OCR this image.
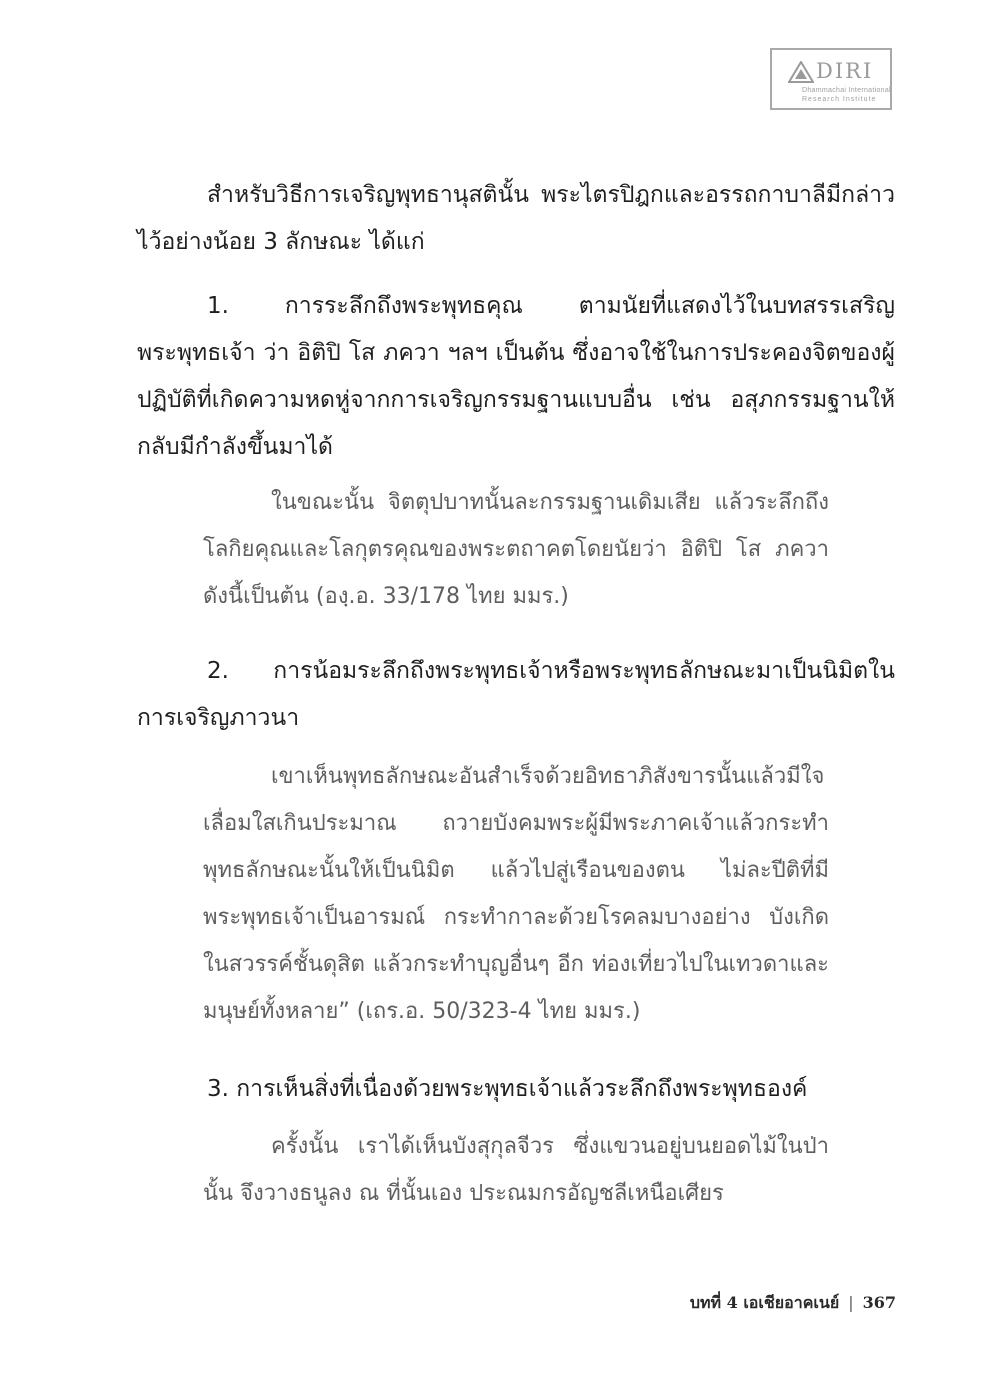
DIRI
Dhammachai International
Research Institute

สำหรับวิธีการเจริญพุทธานุสตินั้น พระไตรปิฎกและอรรถกาบาลีมีกล่าวไว้อย่างน้อย 3 ลักษณะ ได้แก่

1. การระลึกถึงพระพุทธคุณ ตามนัยที่แสดงไว้ในบทสรรเสริญพระพุทธเจ้า ว่า อิติปิ โส ภควา ฯลฯ เป็นต้น ซึ่งอาจใช้ในการประคองจิตของผู้ปฏิบัติที่เกิดความหดหู่จากการเจริญกรรมฐานแบบอื่น เช่น อสุภกรรมฐานให้กลับมีกำลังขึ้นมาได้

ในขณะนั้น จิตตุปบาทนั้นละกรรมฐานเดิมเสีย แล้วระลึกถึงโลกิยคุณและโลกุตรคุณของพระตถาคตโดยนัยว่า อิติปิ โส ภควา ดังนี้เป็นต้น (องฺ.อ. 33/178 ไทย มมร.)

2. การน้อมระลึกถึงพระพุทธเจ้าหรือพระพุทธลักษณะมาเป็นนิมิตในการเจริญภาวนา

เขาเห็นพุทธลักษณะอันสำเร็จด้วยอิทธาภิสังขารนั้นแล้วมีใจเลื่อมใสเกินประมาณ ถวายบังคมพระผู้มีพระภาคเจ้าแล้วกระทำพุทธลักษณะนั้นให้เป็นนิมิต แล้วไปสู่เรือนของตน ไม่ละปีติที่มีพระพุทธเจ้าเป็นอารมณ์ กระทำกาละด้วยโรคลมบางอย่าง บังเกิดในสวรรค์ชั้นดุสิต แล้วกระทำบุญอื่นๆ อีก ท่องเที่ยวไปในเทวดาและมนุษย์ทั้งหลาย” (เถร.อ. 50/323-4 ไทย มมร.)

3. การเห็นสิ่งที่เนื่องด้วยพระพุทธเจ้าแล้วระลึกถึงพระพุทธองค์

ครั้งนั้น เราได้เห็นบังสุกุลจีวร ซึ่งแขวนอยู่บนยอดไม้ในป่านั้น จึงวางธนูลง ณ ที่นั้นเอง ประณมกรอัญชลีเหนือเศียร

บทที่ 4 เอเชียอาคเนย์ | 367
